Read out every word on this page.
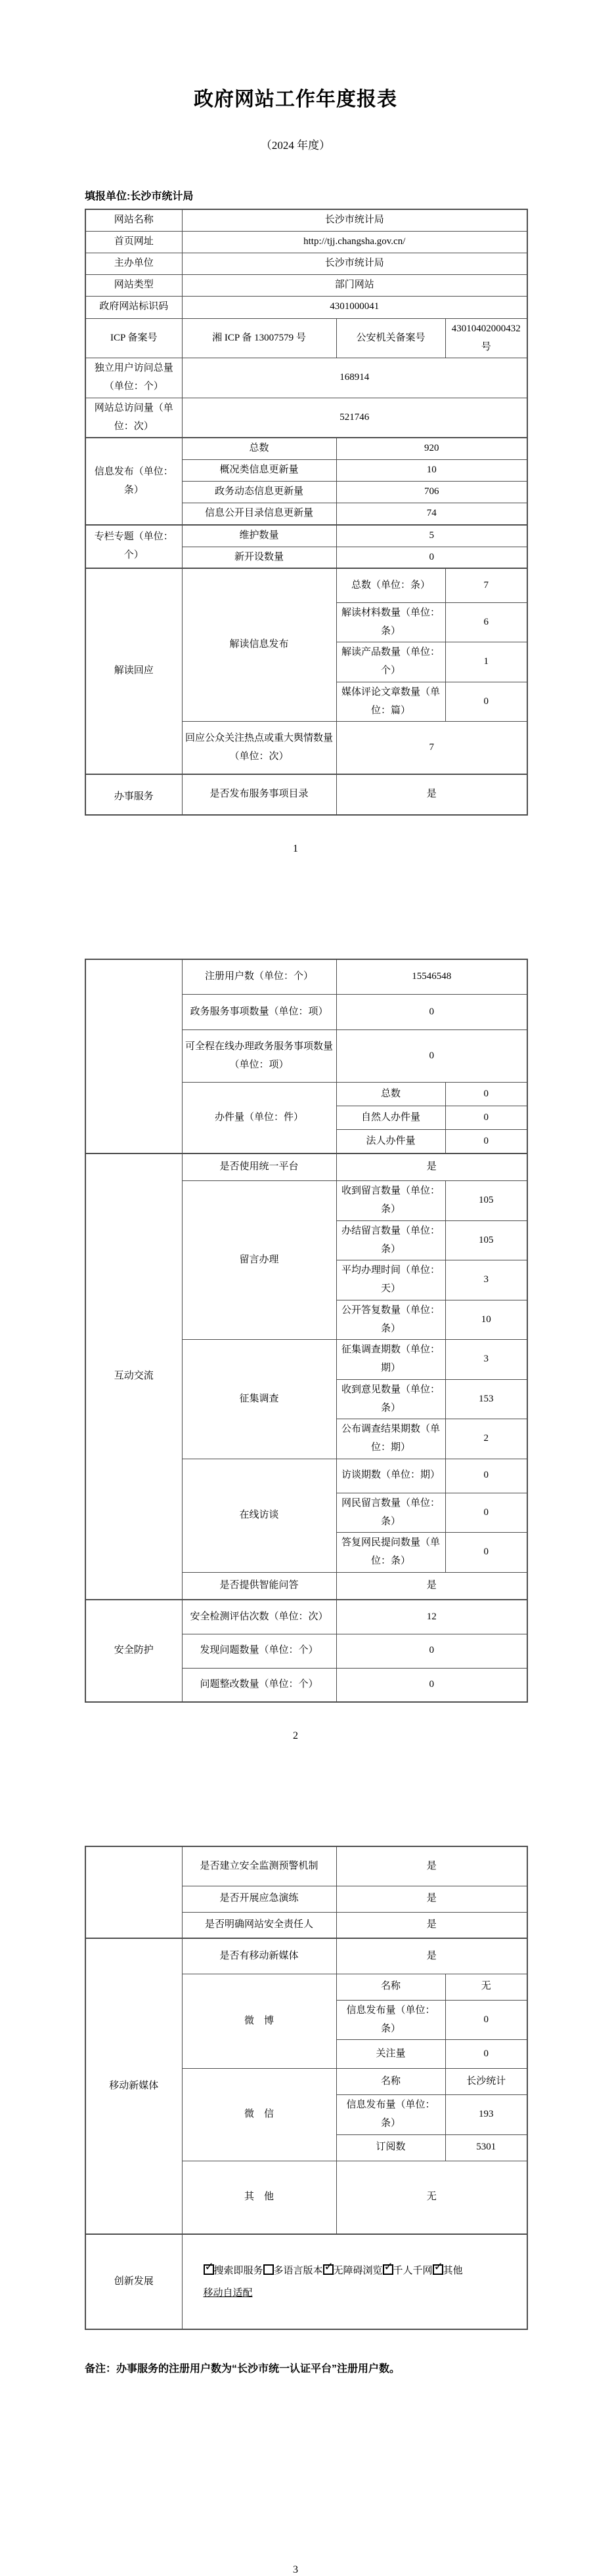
政府网站工作年度报表
（2024 年度）
填报单位:长沙市统计局
网站名称	长沙市统计局		
首页网址	http://tjj.changsha.gov.cn/		
主办单位	长沙市统计局		
网站类型	部门网站		
政府网站标识码	4301000041		
ICP 备案号	湘 ICP 备 13007579 号	公安机关备案号	43010402000432 号
独立用户访问总量（单位：个）	168914		
网站总访问量（单位：次）	521746		
信息发布（单位：条）	总数	920	
	概况类信息更新量	10	
	政务动态信息更新量	706	
	信息公开目录信息更新量	74	
专栏专题（单位：个）	维护数量	5	
	新开设数量	0	
解读回应	解读信息发布	总数（单位：条）	7
		解读材料数量（单位：条）	6
		解读产品数量（单位：个）	1
		媒体评论文章数量（单位：篇）	0
	回应公众关注热点或重大舆情数量（单位：次）	7	
办事服务	是否发布服务事项目录	是	
1
	注册用户数（单位：个）	15546548	
	政务服务事项数量（单位：项）	0	
	可全程在线办理政务服务事项数量（单位：项）	0	
	办件量（单位：件）	总数	0
		自然人办件量	0
		法人办件量	0
互动交流	是否使用统一平台	是	
	留言办理	收到留言数量（单位：条）	105
		办结留言数量（单位：条）	105
		平均办理时间（单位：天）	3
		公开答复数量（单位：条）	10
	征集调查	征集调查期数（单位：期）	3
		收到意见数量（单位：条）	153
		公布调查结果期数（单位：期）	2
	在线访谈	访谈期数（单位：期）	0
		网民留言数量（单位：条）	0
		答复网民提问数量（单位：条）	0
	是否提供智能问答	是	
安全防护	安全检测评估次数（单位：次）	12	
	发现问题数量（单位：个）	0	
	问题整改数量（单位：个）	0	
2
	是否建立安全监测预警机制	是	
	是否开展应急演练	是	
	是否明确网站安全责任人	是	
移动新媒体	是否有移动新媒体	是	
	微　博	名称	无
		信息发布量（单位：条）	0
		关注量	0
	微　信	名称	长沙统计
		信息发布量（单位：条）	193
		订阅数	5301
	其　他	无	
创新发展	搜索即服务 多语言版本 无障碍浏览 千人千网 其他
移动自适配		
备注：办事服务的注册用户数为“长沙市统一认证平台”注册用户数。
3
